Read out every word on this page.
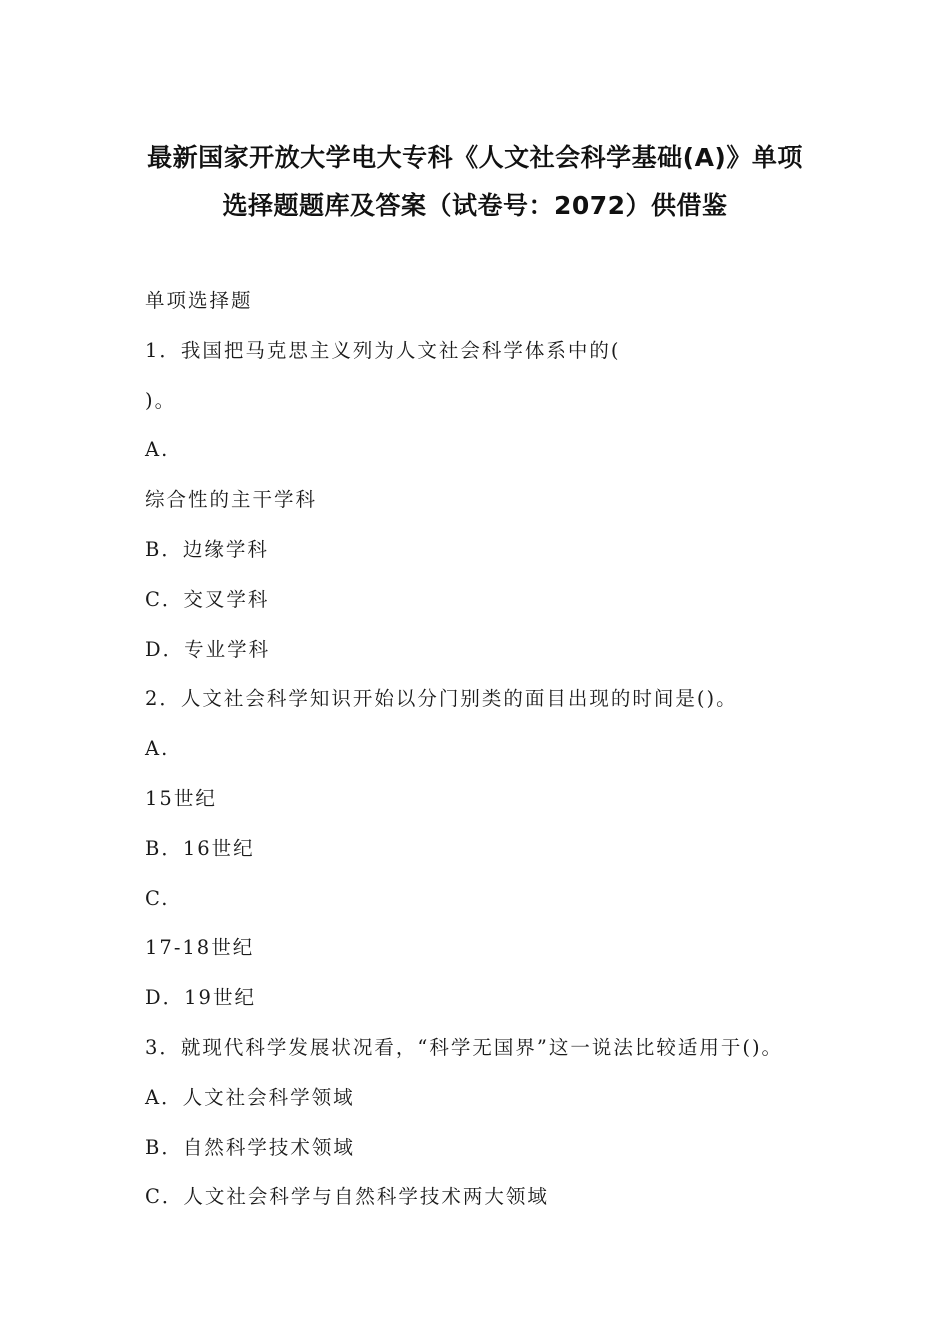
最新国家开放大学电大专科《人文社会科学基础(A)》单项
选择题题库及答案（试卷号：2072）供借鉴
单项选择题
1．我国把马克思主义列为人文社会科学体系中的(
)。
A.
综合性的主干学科
B．边缘学科
C．交叉学科
D．专业学科
2．人文社会科学知识开始以分门别类的面目出现的时间是()。
A.
15世纪
B．16世纪
C.
17-18世纪
D．19世纪
3．就现代科学发展状况看，“科学无国界”这一说法比较适用于()。
A．人文社会科学领域
B．自然科学技术领域
C．人文社会科学与自然科学技术两大领域
